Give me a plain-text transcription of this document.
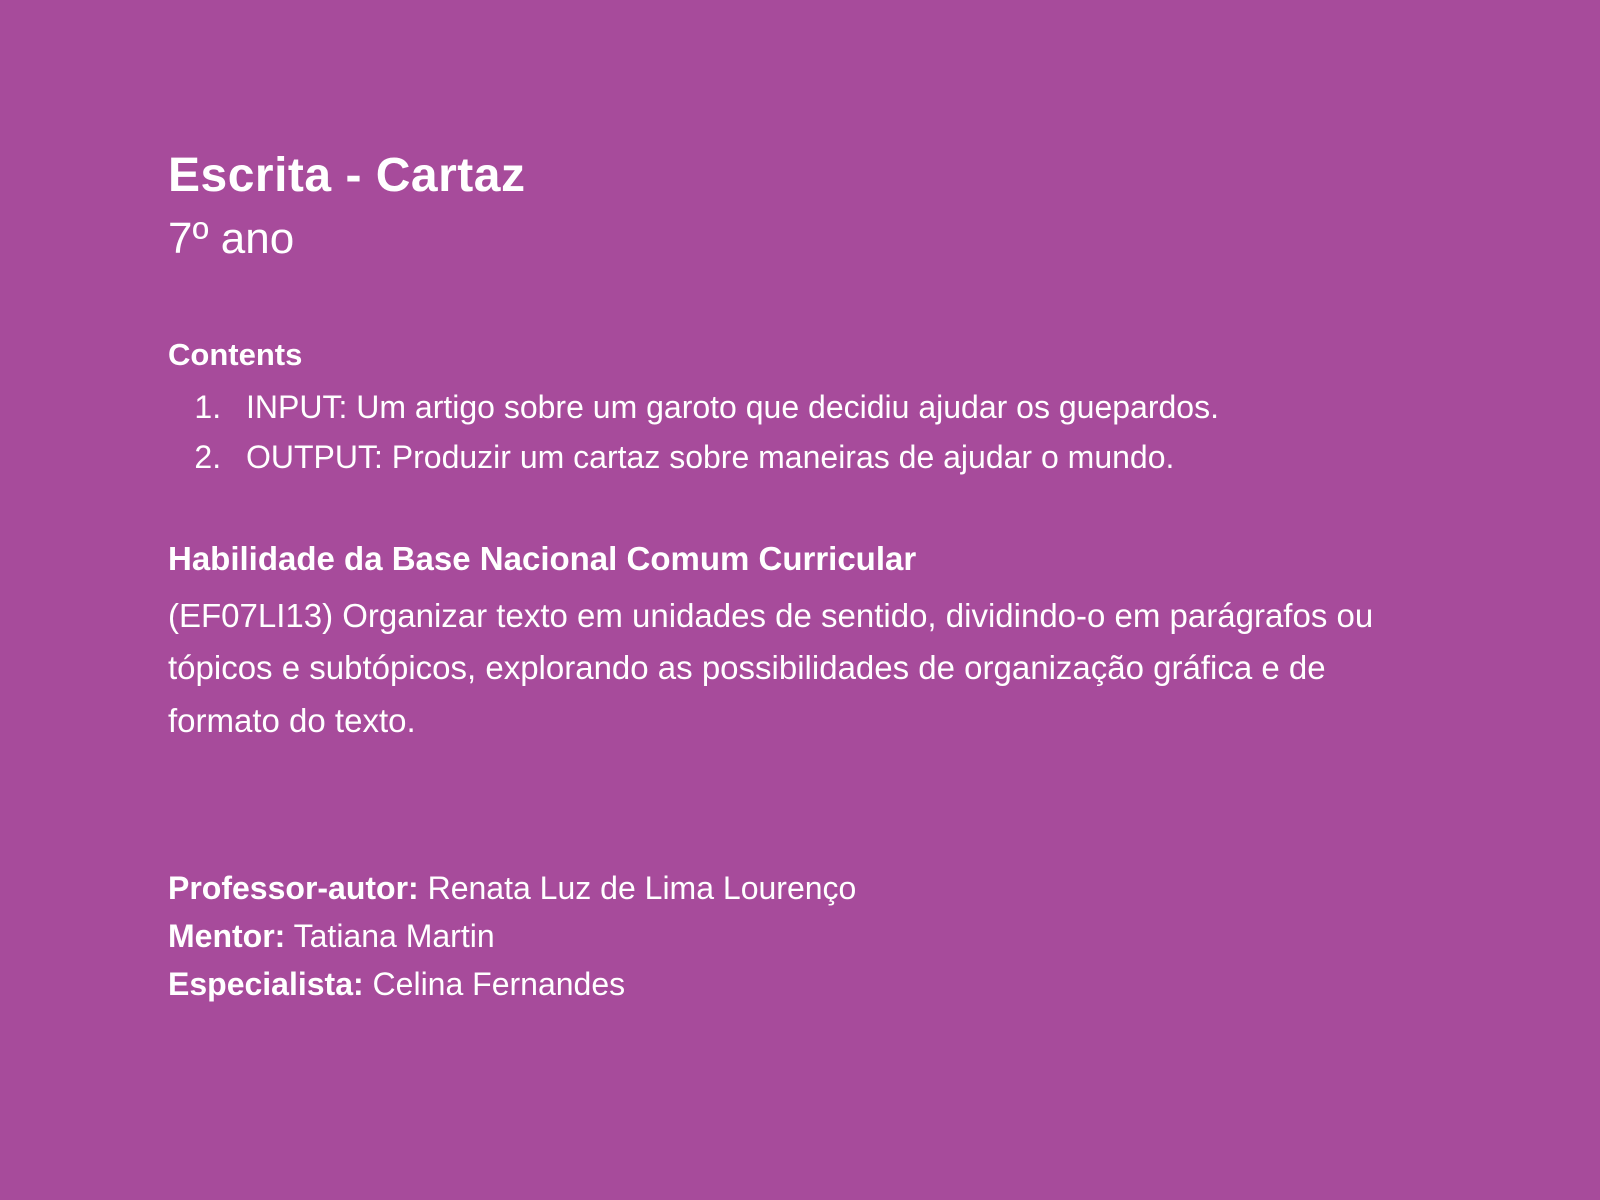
Escrita - Cartaz
7º ano
Contents
1. INPUT: Um artigo sobre um garoto que decidiu ajudar os guepardos.
2. OUTPUT: Produzir um cartaz sobre maneiras de ajudar o mundo.
Habilidade da Base Nacional Comum Curricular

(EF07LI13) Organizar texto em unidades de sentido, dividindo-o em parágrafos ou tópicos e subtópicos, explorando as possibilidades de organização gráfica e de formato do texto.

Professor-autor: Renata Luz de Lima Lourenço
Mentor: Tatiana Martin
Especialista: Celina Fernandes
